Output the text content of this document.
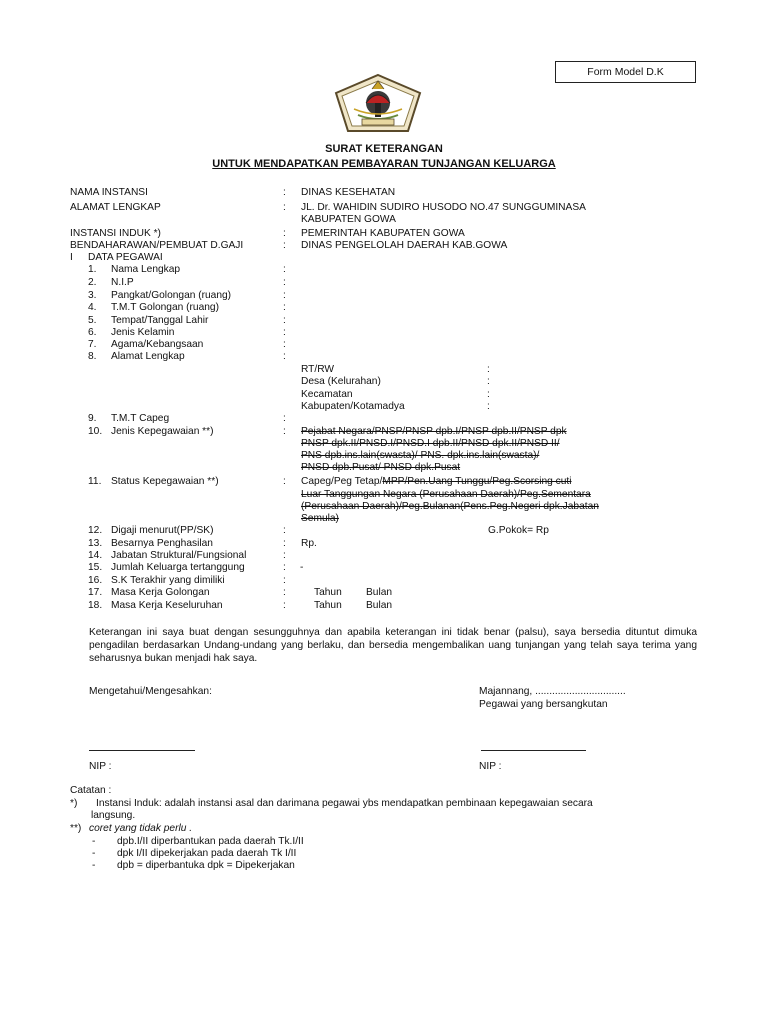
Form Model D.K
SURAT KETERANGAN
UNTUK MENDAPATKAN PEMBAYARAN TUNJANGAN KELUARGA
NAMA INSTANSI	: DINAS KESEHATAN
ALAMAT LENGKAP	: JL. Dr. WAHIDIN SUDIRO HUSODO NO.47 SUNGGUMINASA
KABUPATEN GOWA
INSTANSI INDUK *)	: PEMERINTAH KABUPATEN GOWA
BENDAHARAWAN/PEMBUAT D.GAJI	: DINAS PENGELOLAH DAERAH KAB.GOWA
I DATA PEGAWAI
1. Nama Lengkap	:
2. N.I.P	:
3. Pangkat/Golongan (ruang)	:
4. T.M.T Golongan (ruang)	:
5. Tempat/Tanggal Lahir	:
6. Jenis Kelamin	:
7. Agama/Kebangsaan	:
8. Alamat Lengkap	:
RT/RW	:
Desa (Kelurahan)	:
Kecamatan	:
Kabupaten/Kotamadya	:
9. T.M.T Capeg	:
10. Jenis Kepegawaian **)	: Pejabat Negara/PNSP/PNSP dpb.I/PNSP dpb.II/PNSP dpk
PNSP dpk.II/PNSD.I/PNSD.I dpb.II/PNSD dpk.II/PNSD II/
PNS dpb.ins.lain(swasta)/ PNS. dpk.ins.lain(swasta)/
PNSD dpb.Pusat/ PNSD dpk.Pusat
11. Status Kepegawaian **)	: Capeg/Peg Tetap/MPP/Pen.Uang Tunggu/Peg.Scorsing cuti
Luar Tanggungan Negara (Perusahaan Daerah)/Peg.Sementara
(Perusahaan Daerah)/Peg.Bulanan(Pens.Peg.Negeri dpk.Jabatan
Semula)
12. Digaji menurut(PP/SK)	:	G.Pokok= Rp
13. Besarnya Penghasilan	: Rp.
14. Jabatan Struktural/Fungsional	:
15. Jumlah Keluarga tertanggung	: -
16. S.K Terakhir yang dimiliki	:
17. Masa Kerja Golongan	:	Tahun Bulan
18. Masa Kerja Keseluruhan	:	Tahun Bulan
Keterangan ini saya buat dengan sesungguhnya dan apabila keterangan ini tidak benar (palsu), saya bersedia dituntut dimuka pengadilan berdasarkan Undang-undang yang berlaku, dan bersedia mengembalikan uang tunjangan yang telah saya terima yang seharusnya bukan menjadi hak saya.
Mengetahui/Mengesahkan:	Majannang, ................................
Pegawai yang bersangkutan
NIP :	NIP :
Catatan :
*) Instansi Induk: adalah instansi asal dan darimana pegawai ybs mendapatkan pembinaan kepegawaian secara
langsung.
**) coret yang tidak perlu .
- dpb.I/II diperbantukan pada daerah Tk.I/II
- dpk I/II dipekerjakan pada daerah Tk I/II
- dpb = diperbantuka dpk = Dipekerjakan
